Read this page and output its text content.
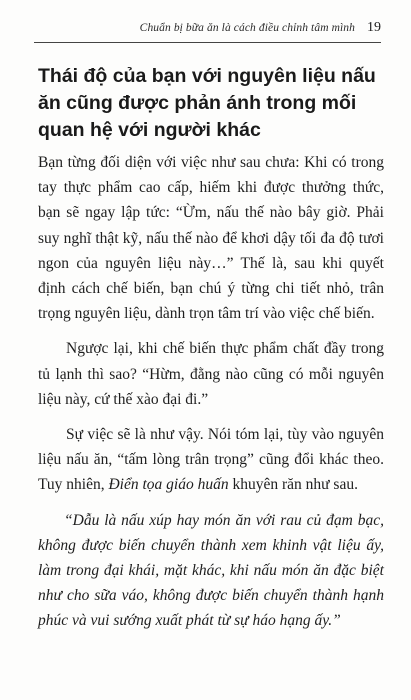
Chuẩn bị bữa ăn là cách điều chỉnh tâm mình 19
Thái độ của bạn với nguyên liệu nấu ăn cũng được phản ánh trong mối quan hệ với người khác

Bạn từng đối diện với việc như sau chưa: Khi có trong tay thực phẩm cao cấp, hiếm khi được thưởng thức, bạn sẽ ngay lập tức: “Ừm, nấu thế nào bây giờ. Phải suy nghĩ thật kỹ, nấu thế nào để khơi dậy tối đa độ tươi ngon của nguyên liệu này…” Thế là, sau khi quyết định cách chế biến, bạn chú ý từng chi tiết nhỏ, trân trọng nguyên liệu, dành trọn tâm trí vào việc chế biến.

Ngược lại, khi chế biến thực phẩm chất đầy trong tủ lạnh thì sao? “Hừm, đằng nào cũng có mỗi nguyên liệu này, cứ thế xào đại đi.”

Sự việc sẽ là như vậy. Nói tóm lại, tùy vào nguyên liệu nấu ăn, “tấm lòng trân trọng” cũng đổi khác theo. Tuy nhiên, Điển tọa giáo huấn khuyên răn như sau.

“Dẫu là nấu xúp hay món ăn với rau củ đạm bạc, không được biến chuyển thành xem khinh vật liệu ấy, làm trong đại khái, mặt khác, khi nấu món ăn đặc biệt như cho sữa váo, không được biến chuyển thành hạnh phúc và vui sướng xuất phát từ sự háo hạng ấy.”
